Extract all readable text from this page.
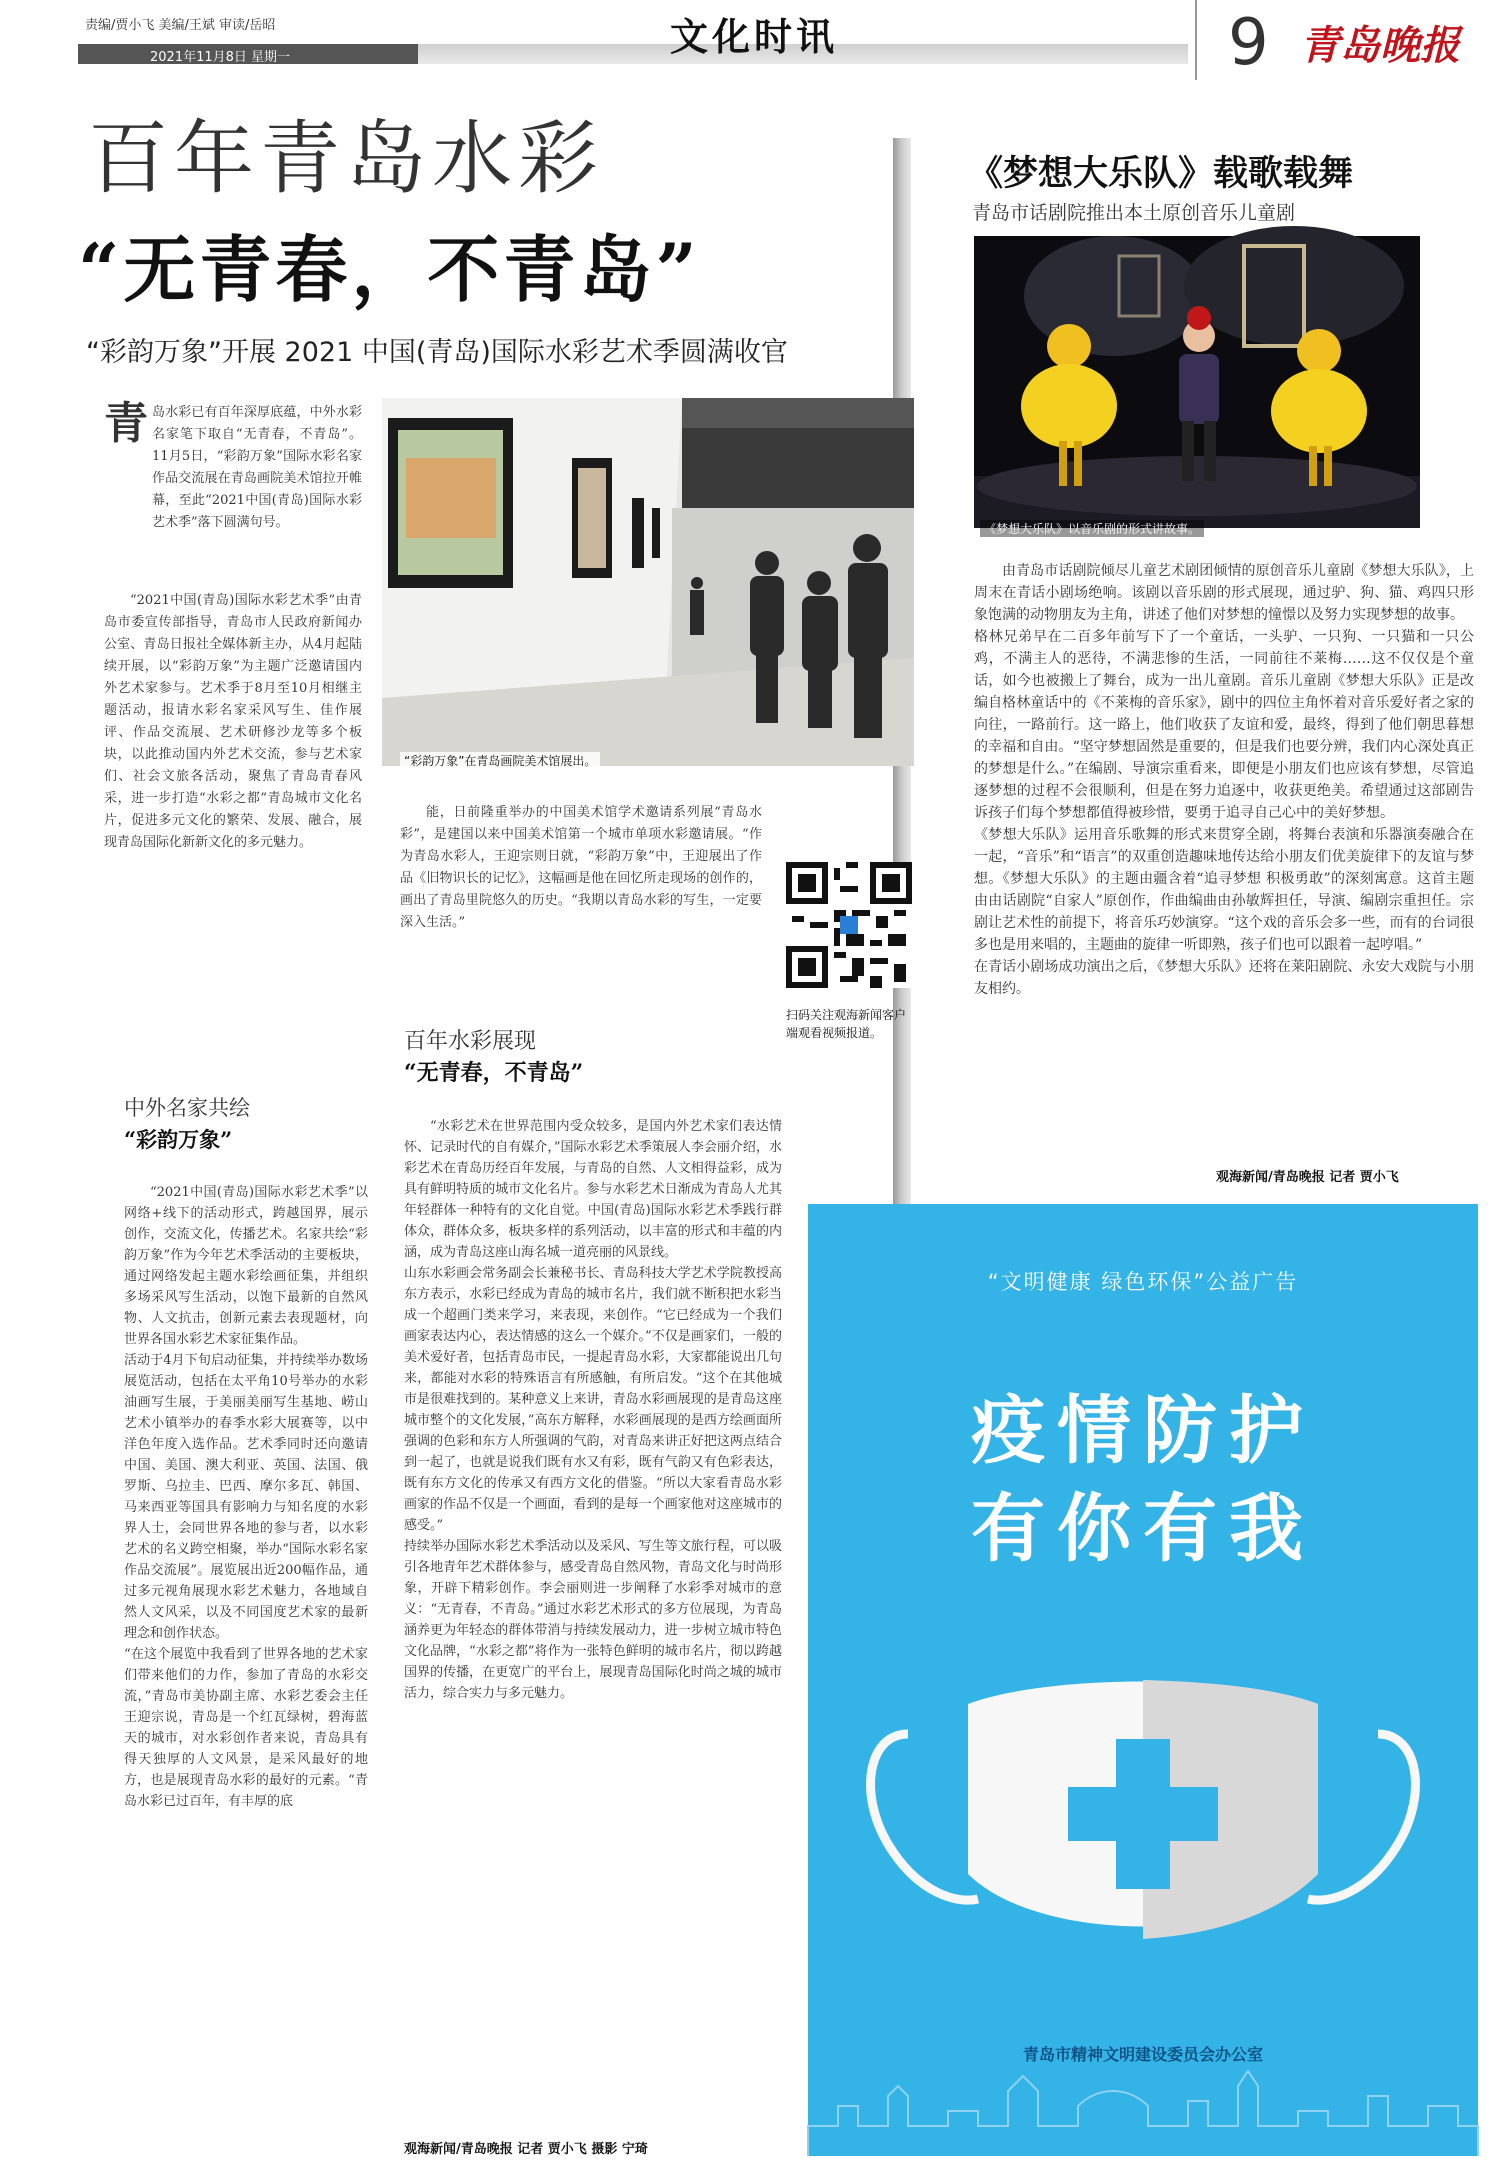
责编/贾小飞 美编/王斌 审读/岳昭
2021年11月8日 星期一	文化时讯	9 青岛晚报
百年青岛水彩
“无青春，不青岛”
“彩韵万象”开展 2021 中国(青岛)国际水彩艺术季圆满收官
青 岛水彩已有百年深厚底蕴，中外水彩名家笔下取自“无青春，不青岛”。11月5日，“彩韵万象”国际水彩名家作品交流展在青岛画院美术馆拉开帷幕，至此“2021中国(青岛)国际水彩艺术季”落下圆满句号。

“2021中国(青岛)国际水彩艺术季”由青岛市委宣传部指导，青岛市人民政府新闻办公室、青岛日报社全媒体新主办，从4月起陆续开展，以“彩韵万象”为主题广泛邀请国内外艺术家参与。艺术季于8月至10月相继主题活动，报请水彩名家采风写生、佳作展评、作品交流展、艺术研修沙龙等多个板块，以此推动国内外艺术交流，参与艺术家们、社会文旅各活动，聚焦了青岛青春风采，进一步打造“水彩之都”青岛城市文化名片，促进多元文化的繁荣、发展、融合，展现青岛国际化新新文化的多元魅力。

“彩韵万象”在青岛画院美术馆展出。

能，日前隆重举办的中国美术馆学术邀请系列展“青岛水彩”，是建国以来中国美术馆第一个城市单项水彩邀请展。“作为青岛水彩人，王迎宗则日就，“彩韵万象”中，王迎展出了作品《旧物识长的记忆》，这幅画是他在回忆所走现场的创作的，画出了青岛里院悠久的历史。“我期以青岛水彩的写生，一定要深入生活。”

扫码关注观海新闻客户端观看视频报道。
百年水彩展现
“无青春，不青岛”
“水彩艺术在世界范围内受众较多，是国内外艺术家们表达情怀、记录时代的自有媒介，”国际水彩艺术季策展人李会丽介绍，水彩艺术在青岛历经百年发展，与青岛的自然、人文相得益彩，成为具有鲜明特质的城市文化名片。参与水彩艺术日渐成为青岛人尤其年轻群体一种特有的文化自觉。中国(青岛)国际水彩艺术季践行群体众，群体众多，板块多样的系列活动，以丰富的形式和丰蕴的内涵，成为青岛这座山海名城一道亮丽的风景线。
山东水彩画会常务副会长兼秘书长、青岛科技大学艺术学院教授高东方表示，水彩已经成为青岛的城市名片，我们就不断积把水彩当成一个超画门类来学习，来表现，来创作。“它已经成为一个我们画家表达内心，表达情感的这么一个媒介。”不仅是画家们，一般的美术爱好者，包括青岛市民，一提起青岛水彩，大家都能说出几句来，都能对水彩的特殊语言有所感触，有所启发。“这个在其他城市是很难找到的。某种意义上来讲，青岛水彩画展现的是青岛这座城市整个的文化发展，”高东方解释，水彩画展现的是西方绘画面所强调的色彩和东方人所强调的气韵，对青岛来讲正好把这两点结合到一起了，也就是说我们既有水又有彩，既有气韵又有色彩表达，既有东方文化的传承又有西方文化的借鉴。“所以大家看青岛水彩画家的作品不仅是一个画面，看到的是每一个画家他对这座城市的感受。”
持续举办国际水彩艺术季活动以及采风、写生等文旅行程，可以吸引各地青年艺术群体参与，感受青岛自然风物，青岛文化与时尚形象，开辟下精彩创作。李会丽则进一步阐释了水彩季对城市的意义：“无青春，不青岛。”通过水彩艺术形式的多方位展现，为青岛涵养更为年轻态的群体带消与持续发展动力，进一步树立城市特色文化品牌，“水彩之都”将作为一张特色鲜明的城市名片，彻以跨越国界的传播，在更宽广的平台上，展现青岛国际化时尚之城的城市活力，综合实力与多元魅力。
观海新闻/青岛晚报 记者 贾小飞 摄影 宁琦
中外名家共绘
“彩韵万象”
“2021中国(青岛)国际水彩艺术季”以网络+线下的活动形式，跨越国界，展示创作，交流文化，传播艺术。名家共绘“彩韵万象”作为今年艺术季活动的主要板块，通过网络发起主题水彩绘画征集，并组织多场采风写生活动，以饱下最新的自然风物、人文抗击，创新元素去表现题材，向世界各国水彩艺术家征集作品。
活动于4月下旬启动征集，并持续举办数场展览活动，包括在太平角10号举办的水彩油画写生展，于美丽美丽写生基地、崂山艺术小镇举办的春季水彩大展赛等，以中洋色年度入选作品。艺术季同时还向邀请中国、美国、澳大利亚、英国、法国、俄罗斯、乌拉圭、巴西、摩尔多瓦、韩国、马来西亚等国具有影响力与知名度的水彩界人士，会同世界各地的参与者，以水彩艺术的名义跨空相聚，举办“国际水彩名家作品交流展”。展览展出近200幅作品，通过多元视角展现水彩艺术魅力，各地域自然人文风采，以及不同国度艺术家的最新理念和创作状态。
“在这个展览中我看到了世界各地的艺术家们带来他们的力作，参加了青岛的水彩交流，”青岛市美协副主席、水彩艺委会主任王迎宗说，青岛是一个红瓦绿树，碧海蓝天的城市，对水彩创作者来说，青岛具有得天独厚的人文风景，是采风最好的地方，也是展现青岛水彩的最好的元素。“青岛水彩已过百年，有丰厚的底
《梦想大乐队》载歌载舞
青岛市话剧院推出本土原创音乐儿童剧
《梦想大乐队》以音乐剧的形式讲故事。
由青岛市话剧院倾尽儿童艺术剧团倾情的原创音乐儿童剧《梦想大乐队》，上周末在青话小剧场绝响。该剧以音乐剧的形式展现，通过驴、狗、猫、鸡四只形象饱满的动物朋友为主角，讲述了他们对梦想的憧憬以及努力实现梦想的故事。
格林兄弟早在二百多年前写下了一个童话，一头驴、一只狗、一只猫和一只公鸡，不满主人的恶待，不满悲惨的生活，一同前往不莱梅……这不仅仅是个童话，如今也被搬上了舞台，成为一出儿童剧。音乐儿童剧《梦想大乐队》正是改编自格林童话中的《不莱梅的音乐家》，剧中的四位主角怀着对音乐爱好者之家的向往，一路前行。这一路上，他们收获了友谊和爱，最终，得到了他们朝思暮想的幸福和自由。“坚守梦想固然是重要的，但是我们也要分辨，我们内心深处真正的梦想是什么。”在编剧、导演宗重看来，即便是小朋友们也应该有梦想，尽管追逐梦想的过程不会很顺利，但是在努力追逐中，收获更绝美。希望通过这部剧告诉孩子们每个梦想都值得被珍惜，要勇于追寻自己心中的美好梦想。
《梦想大乐队》运用音乐歌舞的形式来贯穿全剧，将舞台表演和乐器演奏融合在一起，“音乐”和“语言”的双重创造趣味地传达给小朋友们优美旋律下的友谊与梦想。《梦想大乐队》的主题由疆含着“追寻梦想 积极勇敢”的深刻寓意。这首主题由由话剧院“自家人”原创作，作曲编曲由孙敏辉担任，导演、编剧宗重担任。宗剧让艺术性的前提下，将音乐巧妙演穿。“这个戏的音乐会多一些，而有的台词很多也是用来唱的，主题曲的旋律一听即熟，孩子们也可以跟着一起哼唱。”
在青话小剧场成功演出之后，《梦想大乐队》还将在莱阳剧院、永安大戏院与小朋友相约。
观海新闻/青岛晚报 记者 贾小飞
“文明健康 绿色环保”公益广告
疫情防护
有你有我
青岛市精神文明建设委员会办公室
